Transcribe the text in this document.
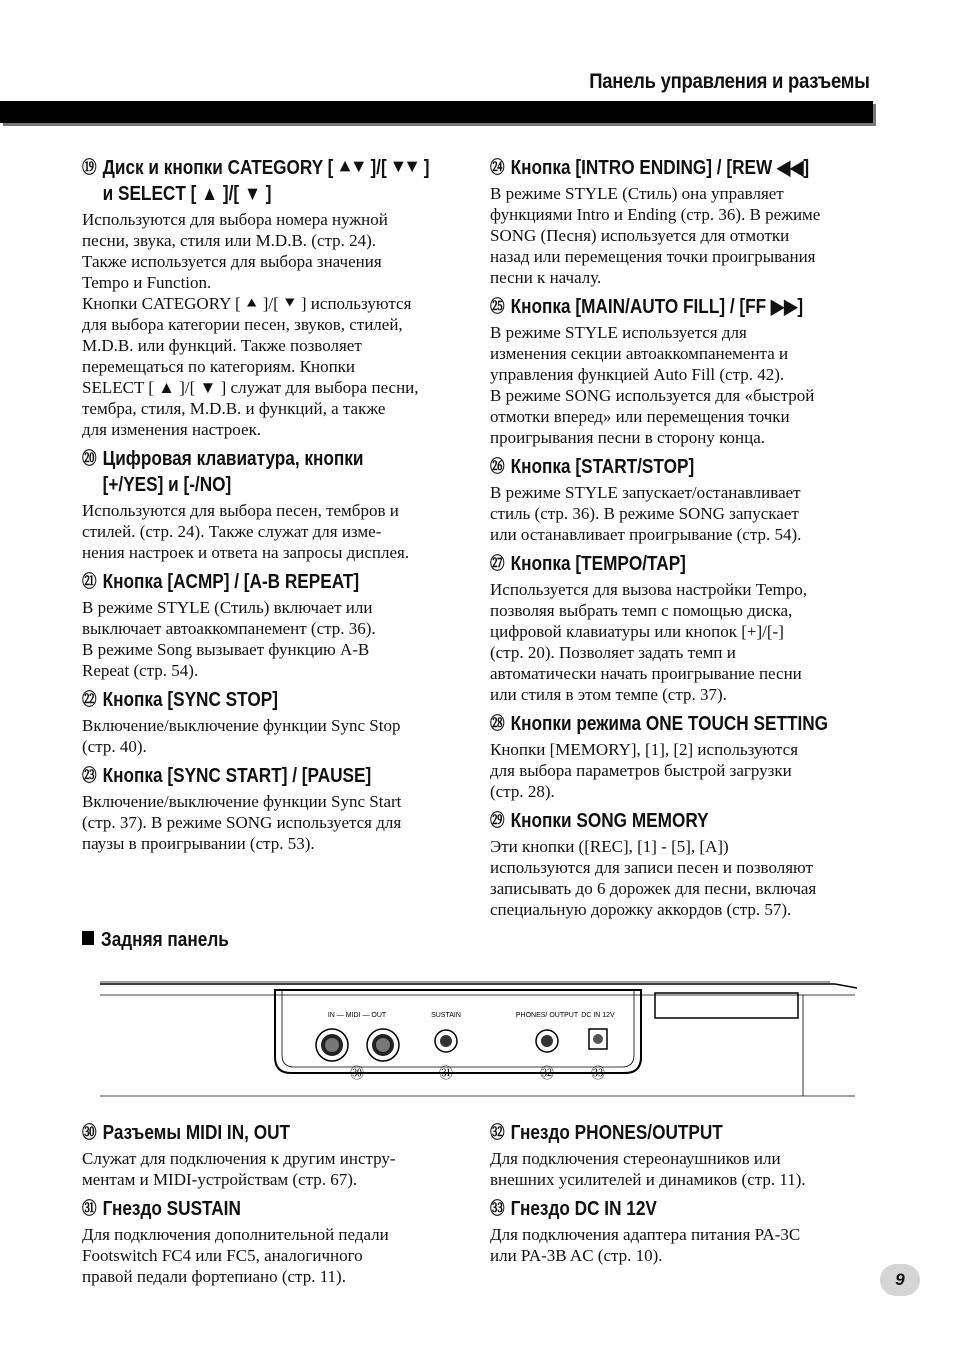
Панель управления и разъемы
⑲ Диск и кнопки CATEGORY [ ⯅⯆ ]/[ ⯆⯆ ]
и SELECT [ ▲ ]/[ ▼ ]
Используются для выбора номера нужной
песни, звука, стиля или M.D.B. (стр. 24).
Также используется для выбора значения
Tempo и Function.
Кнопки CATEGORY [ ⯅ ]/[ ⯆ ] используются
для выбора категории песен, звуков, стилей,
M.D.B. или функций. Также позволяет
перемещаться по категориям. Кнопки
SELECT [ ▲ ]/[ ▼ ] служат для выбора песни,
тембра, стиля, M.D.B. и функций, а также
для изменения настроек.
⑳ Цифровая клавиатура, кнопки
[+/YES] и [-/NO]
Используются для выбора песен, тембров и
стилей. (стр. 24). Также служат для изме-
нения настроек и ответа на запросы дисплея.
㉑ Кнопка [ACMP] / [A-B REPEAT]
В режиме STYLE (Стиль) включает или
выключает автоаккомпанемент (стр. 36).
В режиме Song вызывает функцию A-B
Repeat (стр. 54).
㉒ Кнопка [SYNC STOP]
Включение/выключение функции Sync Stop
(стр. 40).
㉓ Кнопка [SYNC START] / [PAUSE]
Включение/выключение функции Sync Start
(стр. 37). В режиме SONG используется для
паузы в проигрывании (стр. 53).
㉔ Кнопка [INTRO ENDING] / [REW ◀◀]
В режиме STYLE (Стиль) она управляет
функциями Intro и Ending (стр. 36). В режиме
SONG (Песня) используется для отмотки
назад или перемещения точки проигрывания
песни к началу.
㉕ Кнопка [MAIN/AUTO FILL] / [FF ▶▶]
В режиме STYLE используется для
изменения секции автоаккомпанемента и
управления функцией Auto Fill (стр. 42).
В режиме SONG используется для «быстрой
отмотки вперед» или перемещения точки
проигрывания песни в сторону конца.
㉖ Кнопка [START/STOP]
В режиме STYLE запускает/останавливает
стиль (стр. 36). В режиме SONG запускает
или останавливает проигрывание (стр. 54).
㉗ Кнопка [TEMPO/TAP]
Используется для вызова настройки Tempo,
позволяя выбрать темп с помощью диска,
цифровой клавиатуры или кнопок [+]/[-]
(стр. 20). Позволяет задать темп и
автоматически начать проигрывание песни
или стиля в этом темпе (стр. 37).
㉘ Кнопки режима ONE TOUCH SETTING
Кнопки [MEMORY], [1], [2] используются
для выбора параметров быстрой загрузки
(стр. 28).
㉙ Кнопки SONG MEMORY
Эти кнопки ([REC], [1] - [5], [A])
используются для записи песен и позволяют
записывать до 6 дорожек для песни, включая
специальную дорожку аккордов (стр. 57).
Задняя панель
IN — MIDI — OUT	SUSTAIN	PHONES/ OUTPUT DC IN 12V
㉚	㉛	㉜	㉝
㉚ Разъемы MIDI IN, OUT
Служат для подключения к другим инстру-
ментам и MIDI-устройствам (стр. 67).
㉛ Гнездо SUSTAIN
Для подключения дополнительной педали
Footswitch FC4 или FC5, аналогичного
правой педали фортепиано (стр. 11).
㉜ Гнездо PHONES/OUTPUT
Для подключения стереонаушников или
внешних усилителей и динамиков (стр. 11).
㉝ Гнездо DC IN 12V
Для подключения адаптера питания PA-3C
или PA-3B AC (стр. 10).
9
